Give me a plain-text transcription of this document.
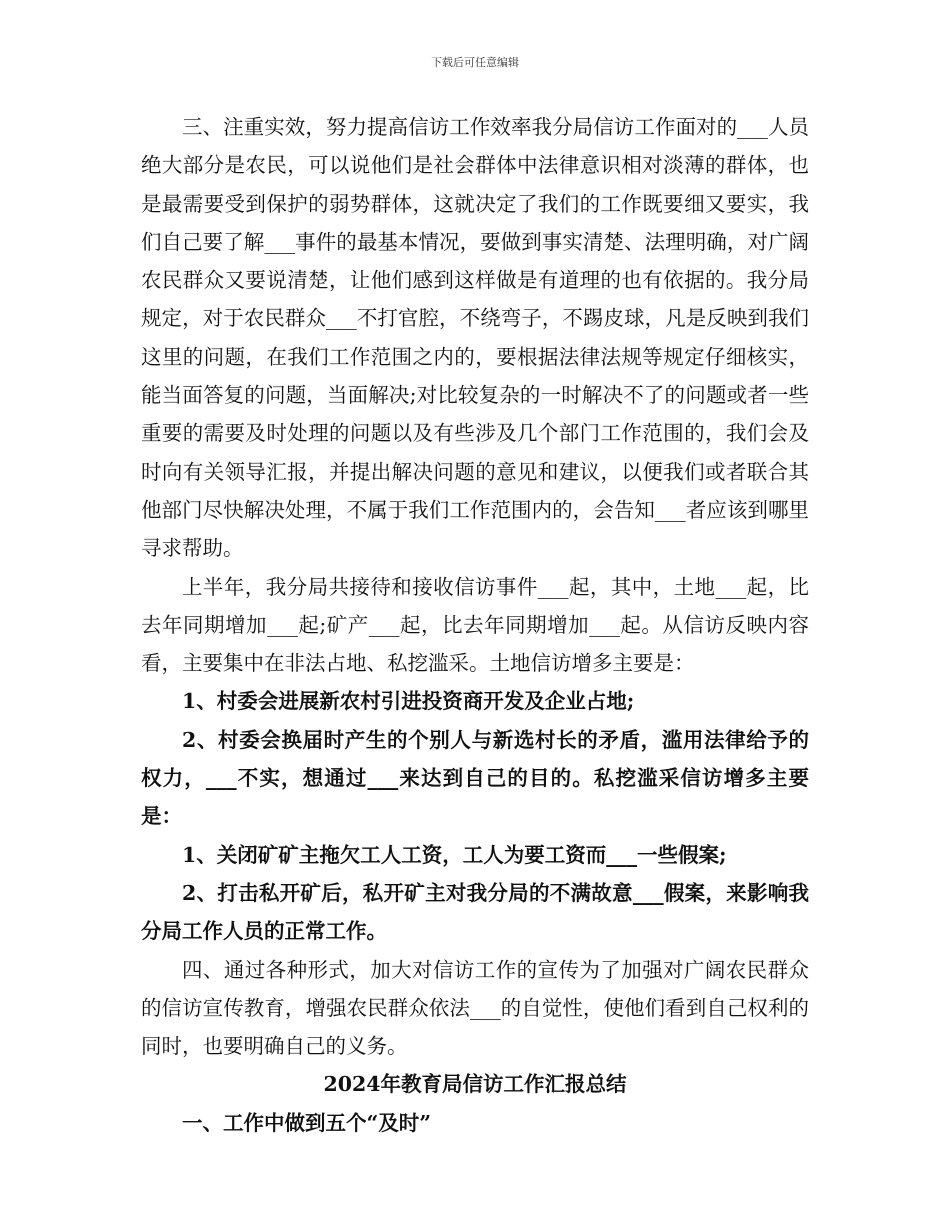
下载后可任意编辑

三、注重实效，努力提高信访工作效率我分局信访工作面对的___人员绝大部分是农民，可以说他们是社会群体中法律意识相对淡薄的群体，也是最需要受到保护的弱势群体，这就决定了我们的工作既要细又要实，我们自己要了解___事件的最基本情况，要做到事实清楚、法理明确，对广阔农民群众又要说清楚，让他们感到这样做是有道理的也有依据的。我分局规定，对于农民群众___不打官腔，不绕弯子，不踢皮球，凡是反映到我们这里的问题，在我们工作范围之内的，要根据法律法规等规定仔细核实，能当面答复的问题，当面解决;对比较复杂的一时解决不了的问题或者一些重要的需要及时处理的问题以及有些涉及几个部门工作范围的，我们会及时向有关领导汇报，并提出解决问题的意见和建议，以便我们或者联合其他部门尽快解决处理，不属于我们工作范围内的，会告知___者应该到哪里寻求帮助。

上半年，我分局共接待和接收信访事件___起，其中，土地___起，比去年同期增加___起;矿产___起，比去年同期增加___起。从信访反映内容看，主要集中在非法占地、私挖滥采。土地信访增多主要是：

1、村委会进展新农村引进投资商开发及企业占地;

2、村委会换届时产生的个别人与新选村长的矛盾，滥用法律给予的权力，___不实，想通过___来达到自己的目的。私挖滥采信访增多主要是：

1、关闭矿矿主拖欠工人工资，工人为要工资而___一些假案;

2、打击私开矿后，私开矿主对我分局的不满故意___假案，来影响我分局工作人员的正常工作。

四、通过各种形式，加大对信访工作的宣传为了加强对广阔农民群众的信访宣传教育，增强农民群众依法___的自觉性，使他们看到自己权利的同时，也要明确自己的义务。

2024年教育局信访工作汇报总结

一、工作中做到五个“及时”
